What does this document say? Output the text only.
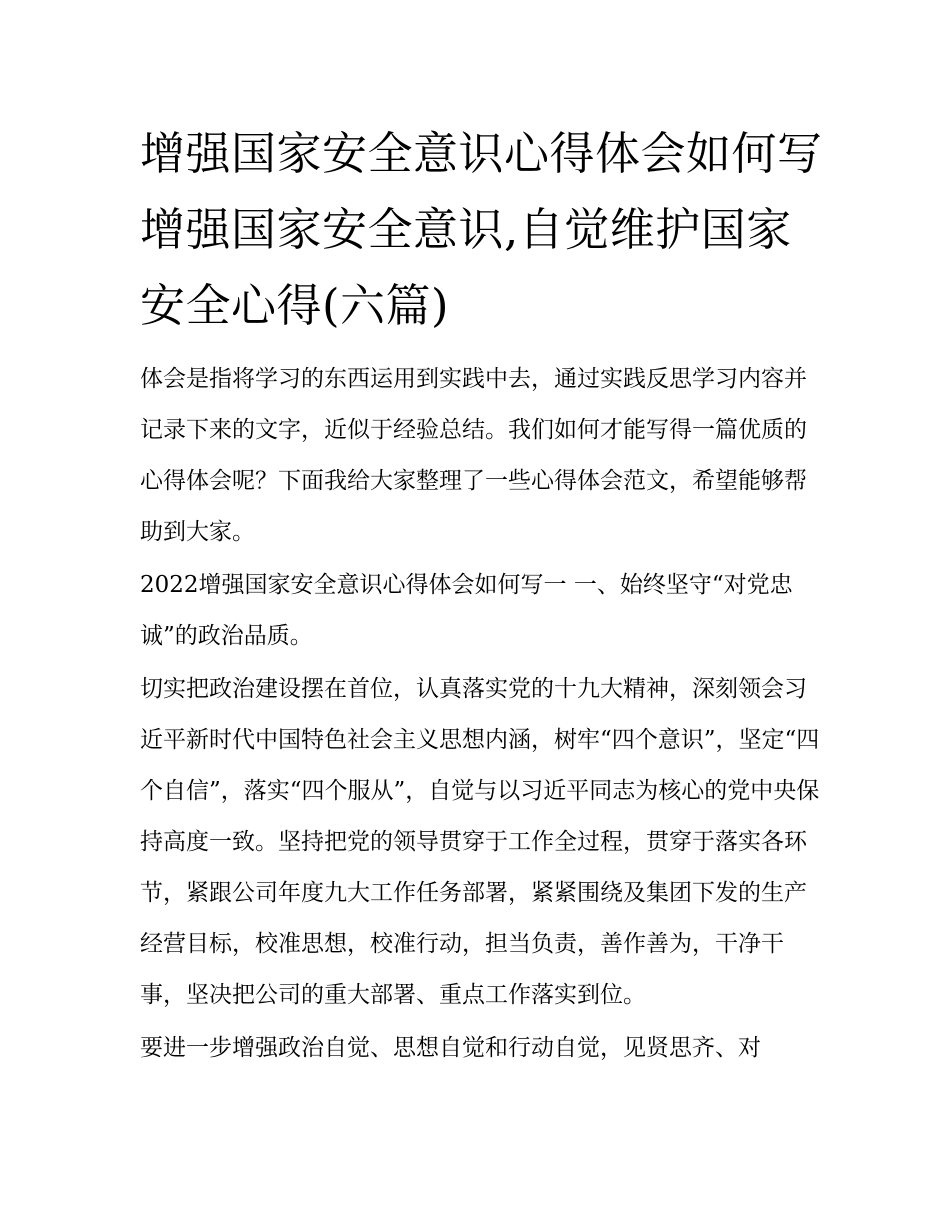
增强国家安全意识心得体会如何写 增强国家安全意识,自觉维护国家安全心得(六篇)

体会是指将学习的东西运用到实践中去，通过实践反思学习内容并记录下来的文字，近似于经验总结。我们如何才能写得一篇优质的心得体会呢？下面我给大家整理了一些心得体会范文，希望能够帮助到大家。

2022增强国家安全意识心得体会如何写一 一、始终坚守“对党忠诚”的政治品质。

切实把政治建设摆在首位，认真落实党的十九大精神，深刻领会习近平新时代中国特色社会主义思想内涵，树牢“四个意识”，坚定“四个自信”，落实“四个服从”，自觉与以习近平同志为核心的党中央保持高度一致。坚持把党的领导贯穿于工作全过程，贯穿于落实各环节，紧跟公司年度九大工作任务部署，紧紧围绕及集团下发的生产经营目标，校准思想，校准行动，担当负责，善作善为，干净干事，坚决把公司的重大部署、重点工作落实到位。

要进一步增强政治自觉、思想自觉和行动自觉，见贤思齐、对
